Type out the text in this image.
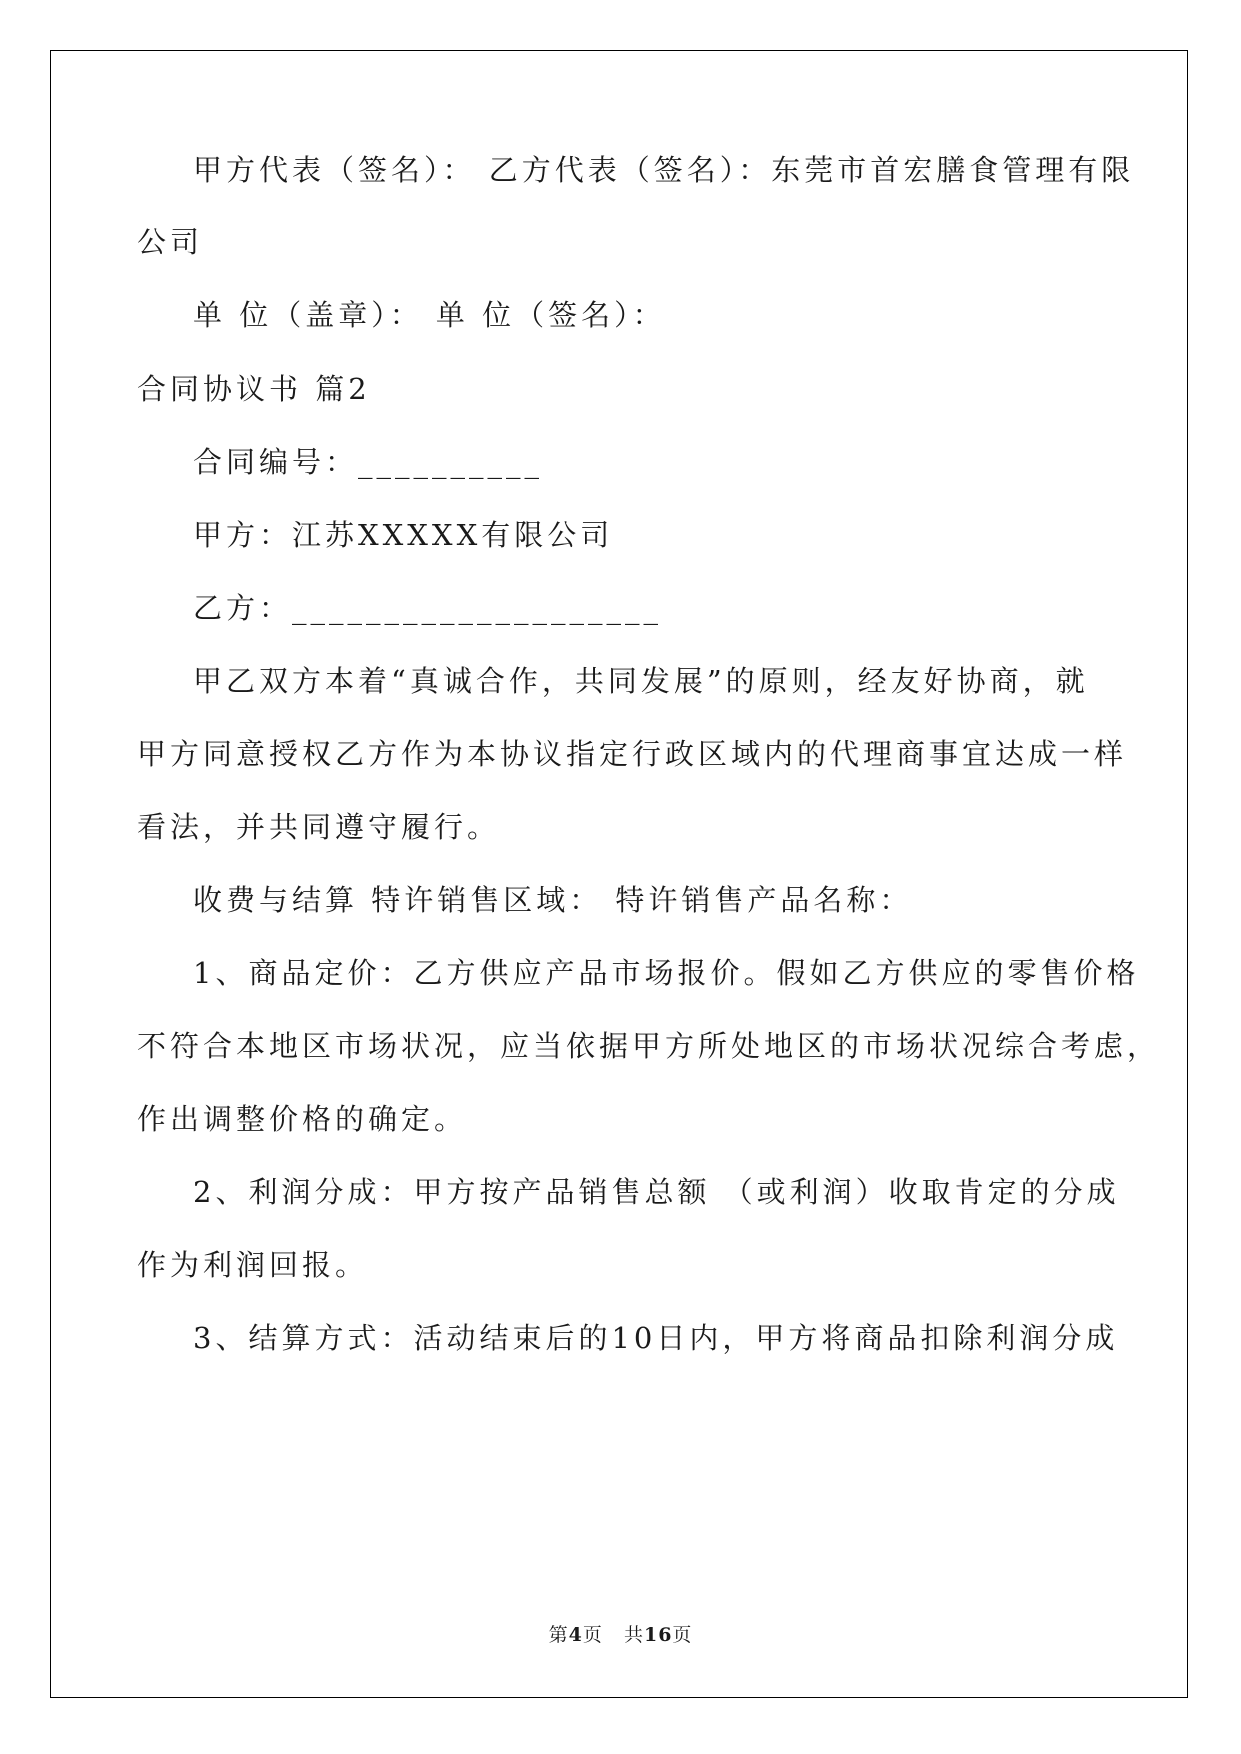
甲方代表（签名）： 乙方代表（签名）：东莞市首宏膳食管理有限
公司
单 位（盖章）： 单 位（签名）：
合同协议书 篇2
合同编号：__________
甲方：江苏XXXXX有限公司
乙方：____________________
甲乙双方本着“真诚合作，共同发展”的原则，经友好协商，就
甲方同意授权乙方作为本协议指定行政区域内的代理商事宜达成一样
看法，并共同遵守履行。
收费与结算 特许销售区域： 特许销售产品名称：
1、商品定价：乙方供应产品市场报价。假如乙方供应的零售价格
不符合本地区市场状况，应当依据甲方所处地区的市场状况综合考虑，
作出调整价格的确定。
2、利润分成：甲方按产品销售总额 （或利润）收取肯定的分成
作为利润回报。
3、结算方式：活动结束后的10日内，甲方将商品扣除利润分成
第4页 共16页
